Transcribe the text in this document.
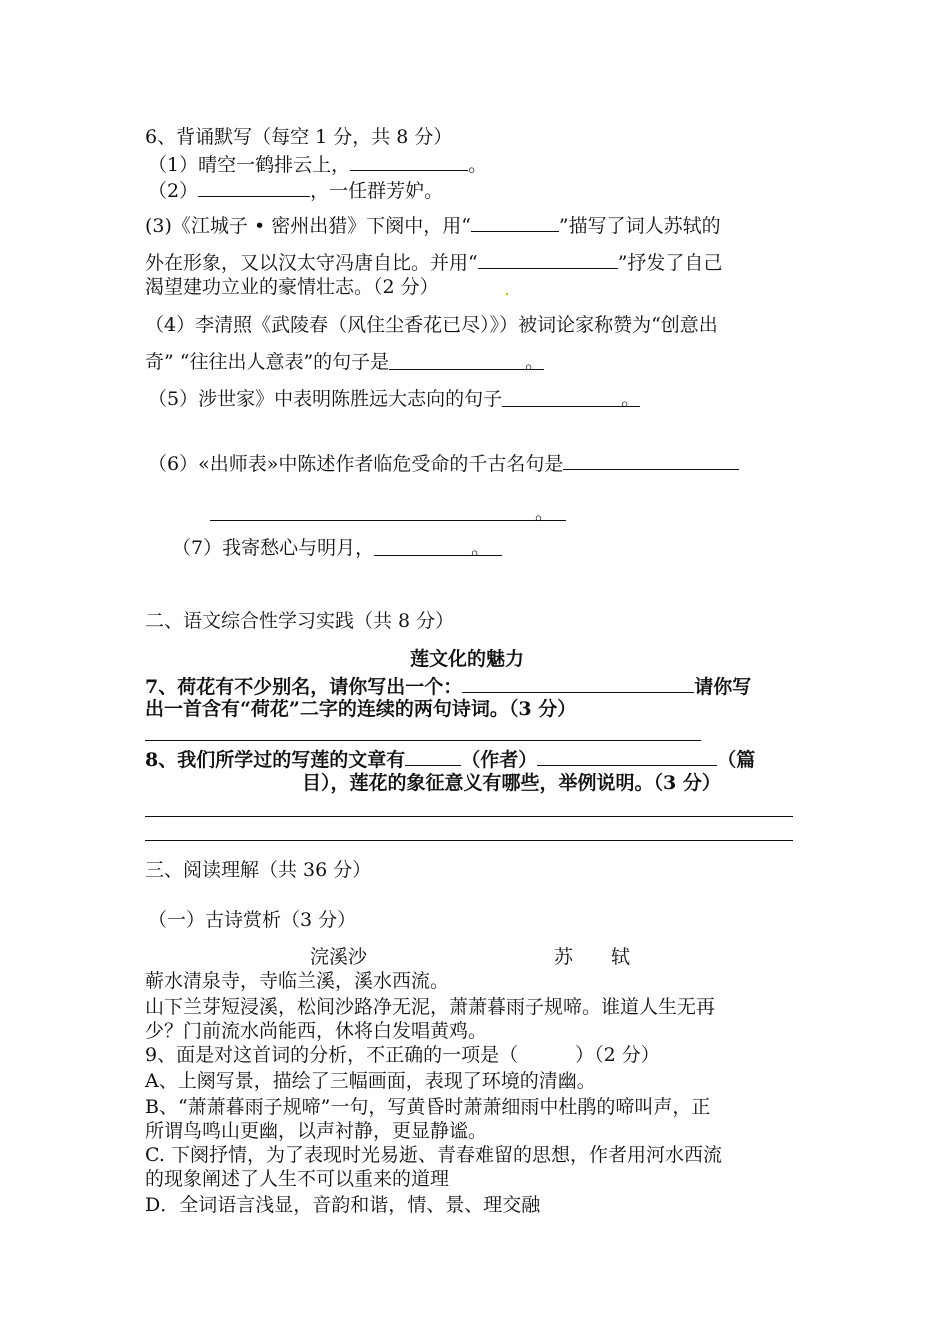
6、背诵默写（每空 1 分，共 8 分）
（1）晴空一鹤排云上，	。
（2）	，一任群芳妒。
(3)《江城子 • 密州出猎》下阕中，用“	”描写了词人苏轼的
外在形象，又以汉太守冯唐自比。并用“	”抒发了自己
渴望建功立业的豪情壮志。（2 分）
（4）李清照《武陵春（风住尘香花已尽）》）被词论家称赞为“创意出
奇” “往往出人意表”的句子是	。
（5）涉世家》中表明陈胜远大志向的句子	。
（6）«出师表»中陈述作者临危受命的千古名句是
。
（7）我寄愁心与明月，	。
二、语文综合性学习实践（共 8 分）
莲文化的魅力
7、荷花有不少别名，请你写出一个：	请你写
出一首含有“荷花”二字的连续的两句诗词。（3 分）
8、我们所学过的写莲的文章有	（作者）	（篇
目），莲花的象征意义有哪些，举例说明。（3 分）
三、阅读理解（共 36 分）
（一）古诗赏析（3 分）
浣溪沙	苏　　轼
蕲水清泉寺，寺临兰溪，溪水西流。
山下兰芽短浸溪，松间沙路净无泥，萧萧暮雨子规啼。谁道人生无再
少？门前流水尚能西，休将白发唱黄鸡。
9、面是对这首词的分析，不正确的一项是（　　　）（2 分）
A、上阕写景，描绘了三幅画面，表现了环境的清幽。
B、“萧萧暮雨子规啼”一句，写黄昏时萧萧细雨中杜鹃的啼叫声，正
所谓鸟鸣山更幽，以声衬静，更显静谧。
C. 下阕抒情，为了表现时光易逝、青春难留的思想，作者用河水西流
的现象阐述了人生不可以重来的道理
D．全词语言浅显，音韵和谐，情、景、理交融
